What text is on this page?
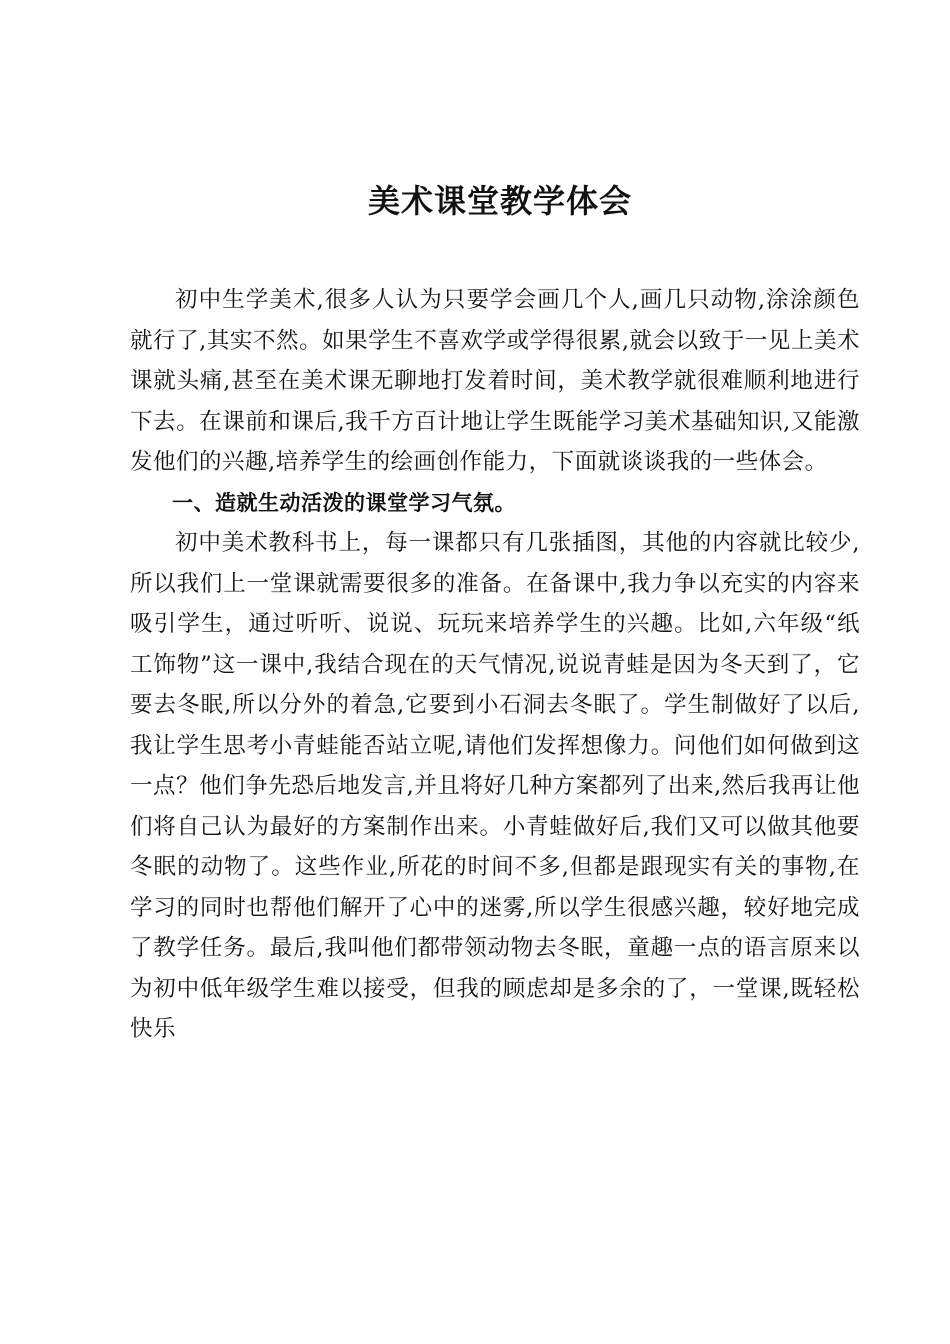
美术课堂教学体会

初中生学美术,很多人认为只要学会画几个人,画几只动物,涂涂颜色就行了,其实不然。如果学生不喜欢学或学得很累,就会以致于一见上美术课就头痛,甚至在美术课无聊地打发着时间，美术教学就很难顺利地进行下去。在课前和课后,我千方百计地让学生既能学习美术基础知识,又能激发他们的兴趣,培养学生的绘画创作能力，下面就谈谈我的一些体会。

一、造就生动活泼的课堂学习气氛。

初中美术教科书上，每一课都只有几张插图，其他的内容就比较少,所以我们上一堂课就需要很多的准备。在备课中,我力争以充实的内容来吸引学生，通过听听、说说、玩玩来培养学生的兴趣。比如,六年级“纸工饰物”这一课中,我结合现在的天气情况,说说青蛙是因为冬天到了，它要去冬眠,所以分外的着急,它要到小石洞去冬眠了。学生制做好了以后,我让学生思考小青蛙能否站立呢,请他们发挥想像力。问他们如何做到这一点？他们争先恐后地发言,并且将好几种方案都列了出来,然后我再让他们将自己认为最好的方案制作出来。小青蛙做好后,我们又可以做其他要冬眠的动物了。这些作业,所花的时间不多,但都是跟现实有关的事物,在学习的同时也帮他们解开了心中的迷雾,所以学生很感兴趣，较好地完成了教学任务。最后,我叫他们都带领动物去冬眠，童趣一点的语言原来以为初中低年级学生难以接受，但我的顾虑却是多余的了，一堂课,既轻松快乐
